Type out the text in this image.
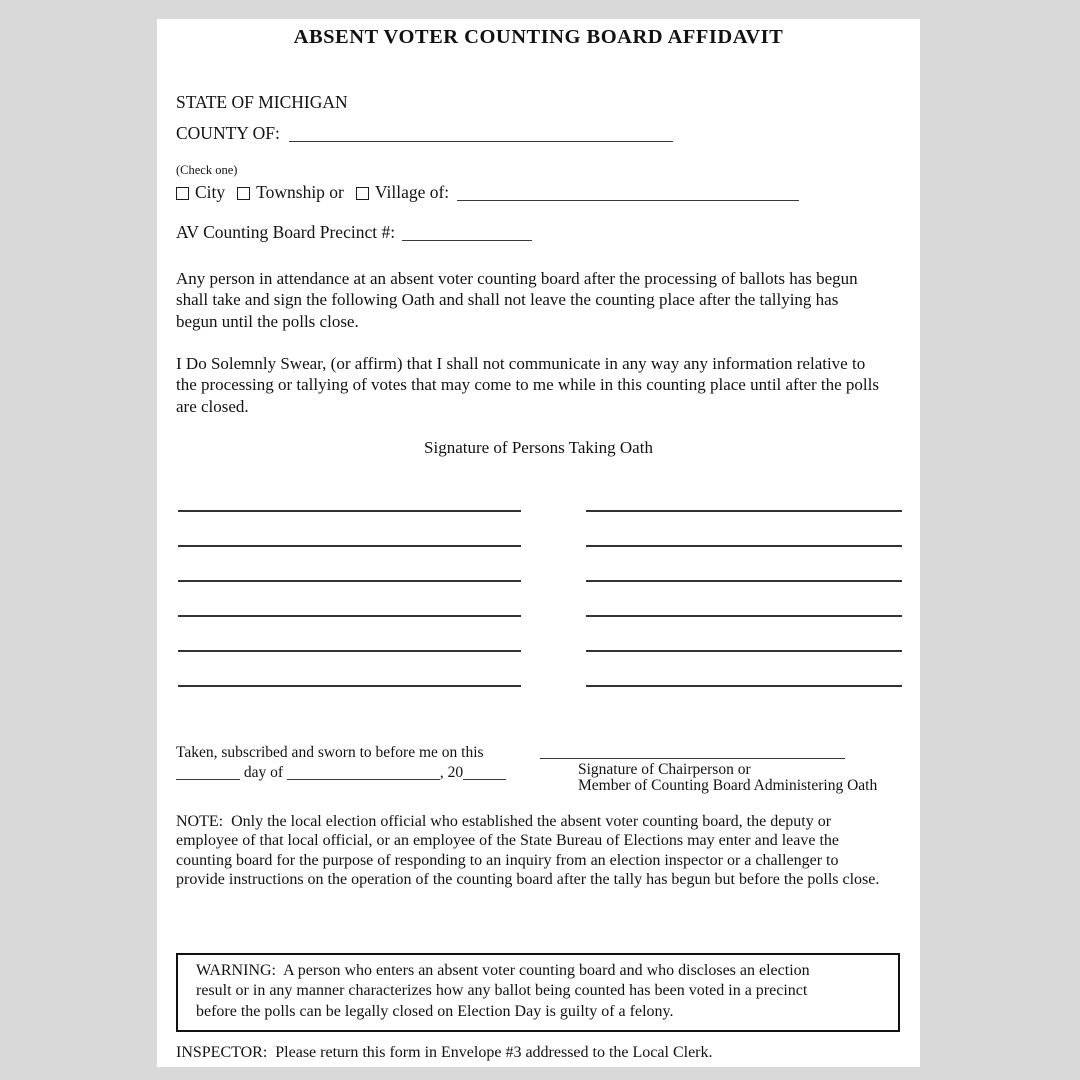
ABSENT VOTER COUNTING BOARD AFFIDAVIT
STATE OF MICHIGAN
COUNTY OF:
(Check one)
City Township or Village of:
AV Counting Board Precinct #:
Any person in attendance at an absent voter counting board after the processing of ballots has begun shall take and sign the following Oath and shall not leave the counting place after the tallying has begun until the polls close.
I Do Solemnly Swear, (or affirm) that I shall not communicate in any way any information relative to the processing or tallying of votes that may come to me while in this counting place until after the polls are closed.
Signature of Persons Taking Oath
Taken, subscribed and sworn to before me on this
day of	, 20	Signature of Chairperson or
Member of Counting Board Administering Oath
NOTE:  Only the local election official who established the absent voter counting board, the deputy or employee of that local official, or an employee of the State Bureau of Elections may enter and leave the counting board for the purpose of responding to an inquiry from an election inspector or a challenger to provide instructions on the operation of the counting board after the tally has begun but before the polls close.
WARNING:  A person who enters an absent voter counting board and who discloses an election result or in any manner characterizes how any ballot being counted has been voted in a precinct before the polls can be legally closed on Election Day is guilty of a felony.
INSPECTOR:  Please return this form in Envelope #3 addressed to the Local Clerk.
